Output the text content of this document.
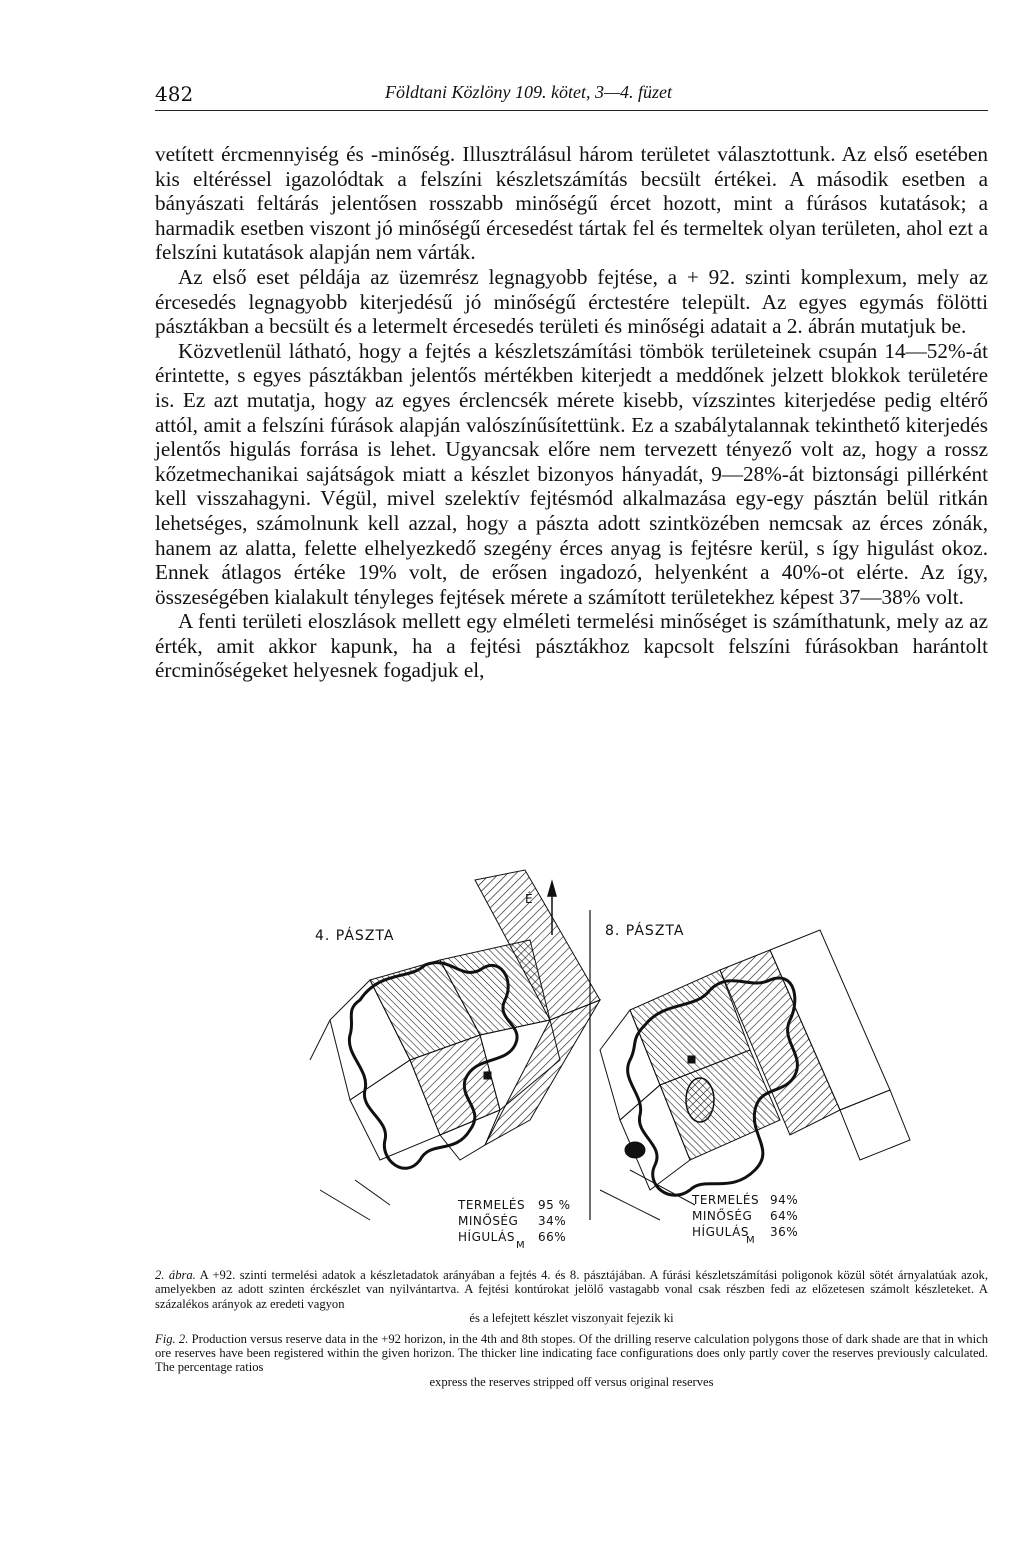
482	Földtani Közlöny 109. kötet, 3—4. füzet

vetített ércmennyiség és -minőség. Illusztrálásul három területet választottunk. Az első esetében kis eltéréssel igazolódtak a felszíni készletszámítás becsült értékei. A második esetben a bányászati feltárás jelentősen rosszabb minőségű ércet hozott, mint a fúrásos kutatások; a harmadik esetben viszont jó minőségű ércesedést tártak fel és termeltek olyan területen, ahol ezt a felszíni kutatások alapján nem várták.

Az első eset példája az üzemrész legnagyobb fejtése, a + 92. szinti komplexum, mely az ércesedés legnagyobb kiterjedésű jó minőségű érctestére települt. Az egyes egymás fölötti pásztákban a becsült és a letermelt ércesedés területi és minőségi adatait a 2. ábrán mutatjuk be.

Közvetlenül látható, hogy a fejtés a készletszámítási tömbök területeinek csupán 14—52%-át érintette, s egyes pásztákban jelentős mértékben kiterjedt a meddőnek jelzett blokkok területére is. Ez azt mutatja, hogy az egyes érclencsék mérete kisebb, vízszintes kiterjedése pedig eltérő attól, amit a felszíni fúrások alapján valószínűsítettünk. Ez a szabálytalannak tekinthető kiterjedés jelentős higulás forrása is lehet. Ugyancsak előre nem tervezett tényező volt az, hogy a rossz kőzetmechanikai sajátságok miatt a készlet bizonyos hányadát, 9—28%-át biztonsági pillérként kell visszahagyni. Végül, mivel szelektív fejtésmód alkalmazása egy-egy pásztán belül ritkán lehetséges, számolnunk kell azzal, hogy a pászta adott szintközében nemcsak az érces zónák, hanem az alatta, felette elhelyezkedő szegény érces anyag is fejtésre kerül, s így higulást okoz. Ennek átlagos értéke 19% volt, de erősen ingadozó, helyenként a 40%-ot elérte. Az így, összeségében kialakult tényleges fejtések mérete a számított területekhez képest 37—38% volt.

A fenti területi eloszlások mellett egy elméleti termelési minőséget is számíthatunk, mely az az érték, amit akkor kapunk, ha a fejtési pásztákhoz kapcsolt felszíni fúrásokban harántolt ércminőségeket helyesnek fogadjuk el,

É
4. PÁSZTA	8. PÁSZTA
TERMELÉS 95 %
MINŐSÉG 34%
HÍGULÁS
M
66%
TERMELÉS 94%
MINŐSÉG 64%
HÍGULÁS
M
36%

2. ábra. A +92. szinti termelési adatok a készletadatok arányában a fejtés 4. és 8. pásztájában. A fúrási készletszámítási poligonok közül sötét árnyalatúak azok, amelyekben az adott szinten érckészlet van nyilvántartva. A fejtési kontúrokat jelölő vastagabb vonal csak részben fedi az előzetesen számolt készleteket. A százalékos arányok az eredeti vagyon
és a lefejtett készlet viszonyait fejezik ki

Fig. 2. Production versus reserve data in the +92 horizon, in the 4th and 8th stopes. Of the drilling reserve calculation polygons those of dark shade are that in which ore reserves have been registered within the given horizon. The thicker line indicating face configurations does only partly cover the reserves previously calculated. The percentage ratios
express the reserves stripped off versus original reserves
